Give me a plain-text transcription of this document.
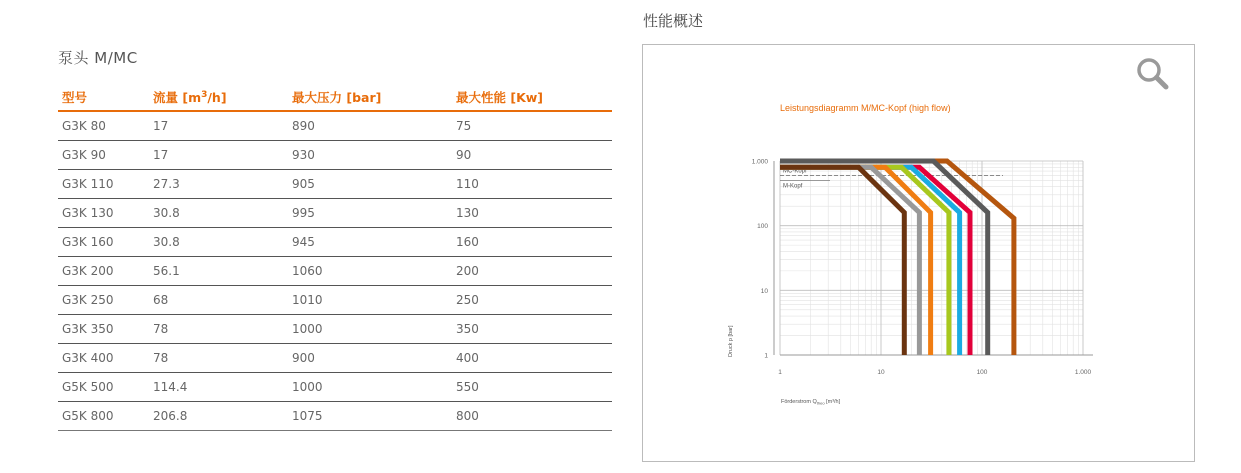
泵头 M/MC
型号	流量 $[m^3/h]$	最大压力 [bar]	最大性能 [Kw]
G3K 80	17	890	75
G3K 90	17	930	90
G3K 110	27.3	905	110
G3K 130	30.8	995	130
G3K 160	30.8	945	160
G3K 200	56.1	1060	200
G3K 250	68	1010	250
G3K 350	78	1000	350
G3K 400	78	900	400
G5K 500	114.4	1000	550
G5K 800	206.8	1075	800
性能概述
1	10	100	1.000
1
10
100
1.000
MC-Kopf
M-Kopf
Leistungsdiagramm M/MC-Kopf (high flow)
Förderstrom $Q_{theo}$ [m³/h]
Druck p [bar]
